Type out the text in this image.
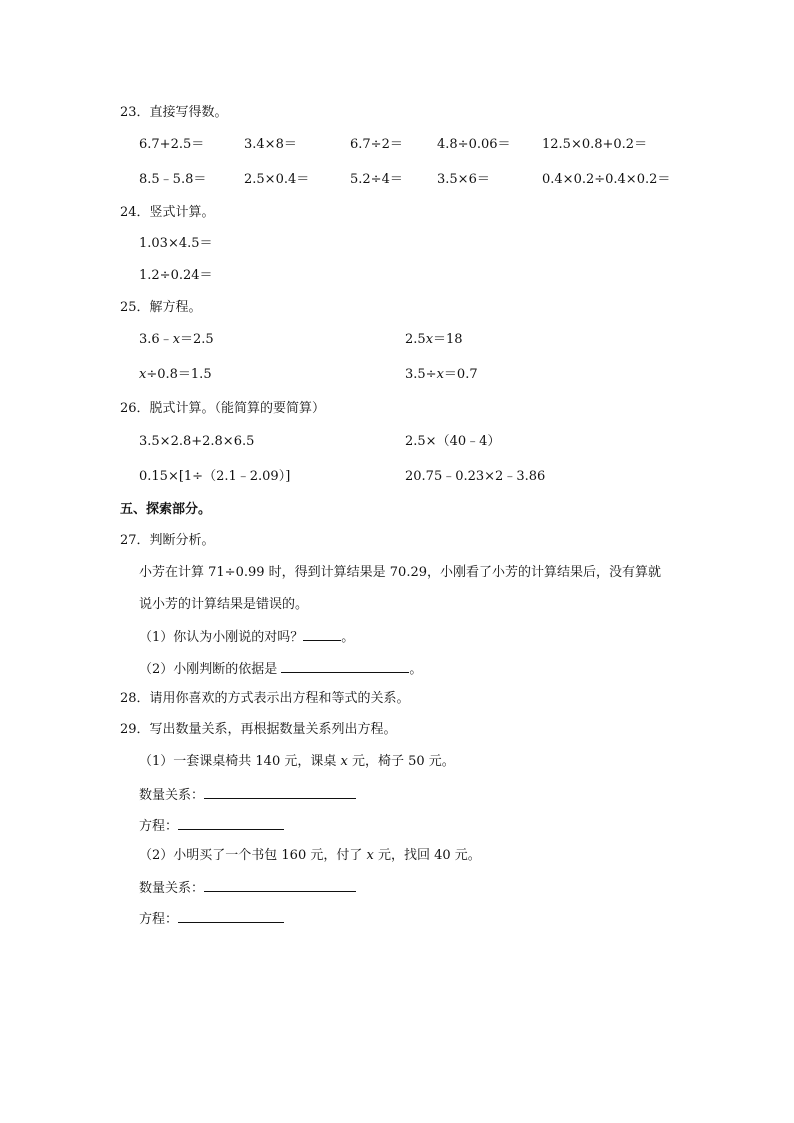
23．直接写得数。
6.7+2.5＝	3.4×8＝	6.7÷2＝	4.8÷0.06＝ 12.5×0.8+0.2＝
8.5﹣5.8＝	2.5×0.4＝	5.2÷4＝	3.5×6＝	0.4×0.2÷0.4×0.2＝
24．竖式计算。
1.03×4.5＝
1.2÷0.24＝
25．解方程。
3.6﹣x＝2.5	2.5x＝18
x÷0.8＝1.5	3.5÷x＝0.7
26．脱式计算。（能简算的要简算）
3.5×2.8+2.8×6.5	2.5×（40﹣4）
0.15×[1÷（2.1﹣2.09）]	20.75﹣0.23×2﹣3.86
五、探索部分。
27．判断分析。
小芳在计算 71÷0.99 时，得到计算结果是 70.29，小刚看了小芳的计算结果后，没有算就
说小芳的计算结果是错误的。
（1）你认为小刚说的对吗？	。
（2）小刚判断的依据是	。
28．请用你喜欢的方式表示出方程和等式的关系。
29．写出数量关系，再根据数量关系列出方程。
（1）一套课桌椅共 140 元，课桌 x 元，椅子 50 元。
数量关系：
方程：
（2）小明买了一个书包 160 元，付了 x 元，找回 40 元。
数量关系：
方程：
